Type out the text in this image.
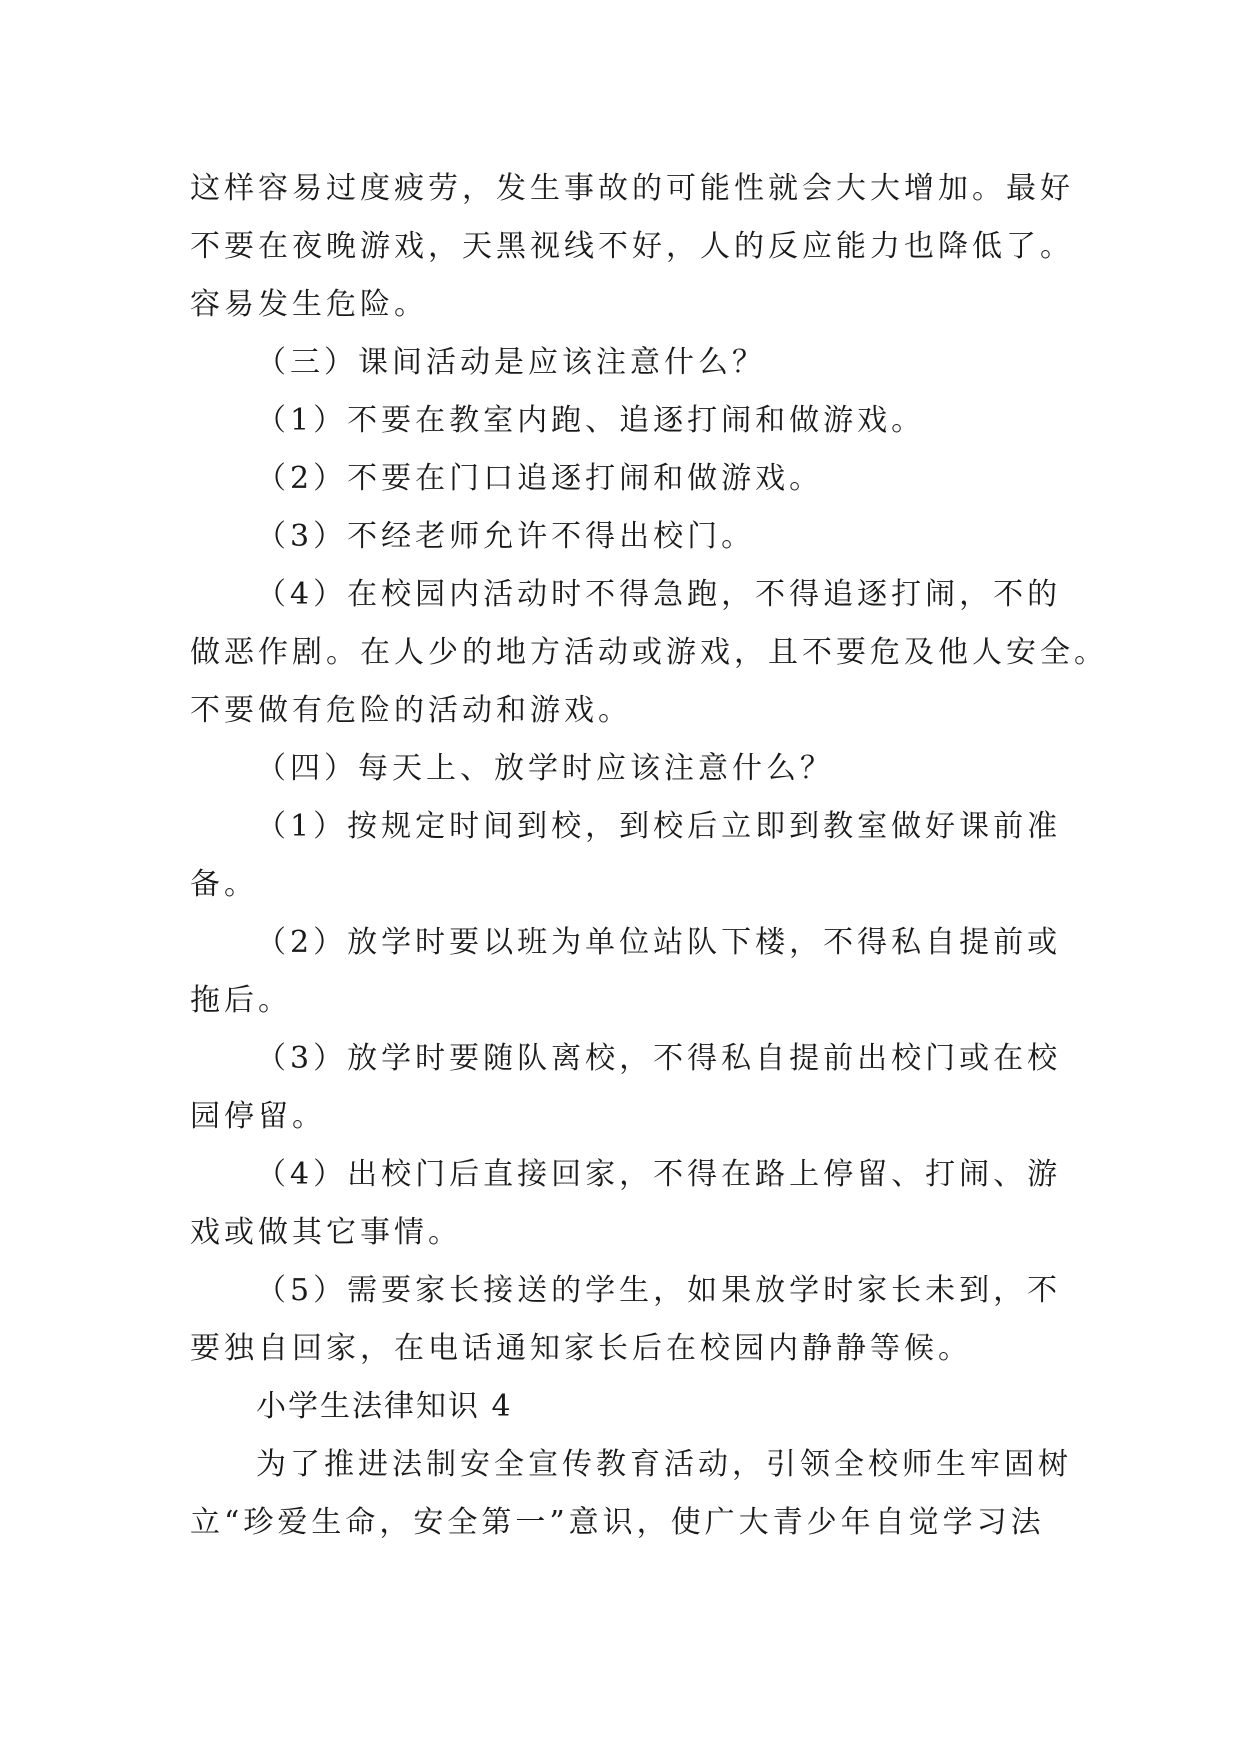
这样容易过度疲劳，发生事故的可能性就会大大增加。最好
不要在夜晚游戏，天黑视线不好，人的反应能力也降低了。
容易发生危险。
（三）课间活动是应该注意什么？
（1）不要在教室内跑、追逐打闹和做游戏。
（2）不要在门口追逐打闹和做游戏。
（3）不经老师允许不得出校门。
（4）在校园内活动时不得急跑，不得追逐打闹，不的
做恶作剧。在人少的地方活动或游戏，且不要危及他人安全。
不要做有危险的活动和游戏。
（四）每天上、放学时应该注意什么？
（1）按规定时间到校，到校后立即到教室做好课前准
备。
（2）放学时要以班为单位站队下楼，不得私自提前或
拖后。
（3）放学时要随队离校，不得私自提前出校门或在校
园停留。
（4）出校门后直接回家，不得在路上停留、打闹、游
戏或做其它事情。
（5）需要家长接送的学生，如果放学时家长未到，不
要独自回家，在电话通知家长后在校园内静静等候。
小学生法律知识 4
为了推进法制安全宣传教育活动，引领全校师生牢固树
立“珍爱生命，安全第一”意识，使广大青少年自觉学习法
